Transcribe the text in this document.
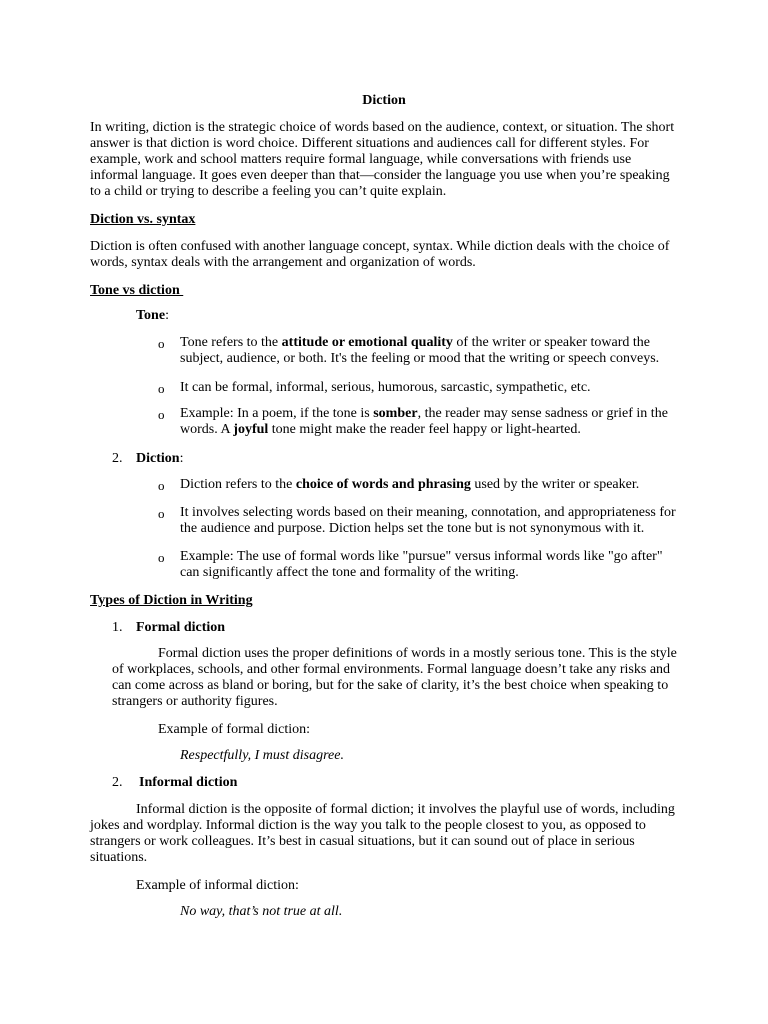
Diction
In writing, diction is the strategic choice of words based on the audience, context, or situation. The short answer is that diction is word choice. Different situations and audiences call for different styles. For example, work and school matters require formal language, while conversations with friends use informal language. It goes even deeper than that—consider the language you use when you’re speaking to a child or trying to describe a feeling you can’t quite explain.
Diction vs. syntax
Diction is often confused with another language concept, syntax. While diction deals with the choice of words, syntax deals with the arrangement and organization of words.
Tone vs diction
Tone:
o Tone refers to the attitude or emotional quality of the writer or speaker toward the
subject, audience, or both. It's the feeling or mood that the writing or speech conveys.
o It can be formal, informal, serious, humorous, sarcastic, sympathetic, etc.
o Example: In a poem, if the tone is somber, the reader may sense sadness or grief in the
words. A joyful tone might make the reader feel happy or light-hearted.
2. Diction:
o Diction refers to the choice of words and phrasing used by the writer or speaker.
o It involves selecting words based on their meaning, connotation, and appropriateness for
the audience and purpose. Diction helps set the tone but is not synonymous with it.
o Example: The use of formal words like "pursue" versus informal words like "go after"
can significantly affect the tone and formality of the writing.
Types of Diction in Writing
1. Formal diction
Formal diction uses the proper definitions of words in a mostly serious tone. This is the style of workplaces, schools, and other formal environments. Formal language doesn’t take any risks and can come across as bland or boring, but for the sake of clarity, it’s the best choice when speaking to strangers or authority figures.
Example of formal diction:
Respectfully, I must disagree.
2. Informal diction
Informal diction is the opposite of formal diction; it involves the playful use of words, including jokes and wordplay. Informal diction is the way you talk to the people closest to you, as opposed to strangers or work colleagues. It’s best in casual situations, but it can sound out of place in serious situations.
Example of informal diction:
No way, that’s not true at all.
